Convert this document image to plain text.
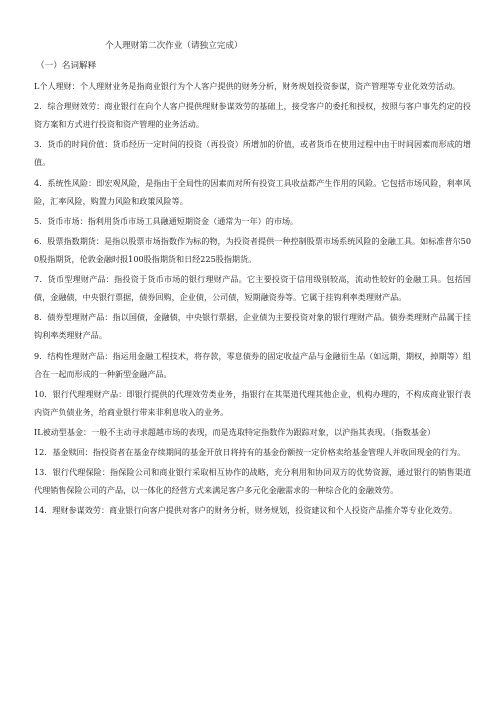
个人理财第二次作业（请独立完成）
（一）名词解释

L个人理财：个人理财业务是指商业银行为个人客户提供的财务分析，财务规划投资参谋，资产管理等专业化效劳活动。

2．综合理财效劳：商业银行在向个人客户提供理财参谋效劳的基础上，接受客户的委托和授权，按照与客户事先约定的投资方案和方式进行投资和资产管理的业务活动。

3．货币的时间价值：货币经历一定时间的投资（再投资）所增加的价值，或者货币在使用过程中由于时间因素而形成的增值。

4．系统性风险：即宏观风险，是指由于全局性的因素而对所有投资工具收益都产生作用的风险。它包括市场风险，利率风险，汇率风险，购置力风险和政策风险等。

5．货币市场：指利用货币市场工具融通短期资金（通常为一年）的市场。

6．股票指数期货：是指以股票市场指数作为标的物，为投资者提供一种控制股票市场系统风险的金融工具。如标准普尔500股指期货，伦敦金融时报100股指期货和日经225股指期货。

7．货币型理财产品：指投资于货币市场的银行理财产品。它主要投资于信用级别较高，流动性较好的金融工具。包括国债，金融债，中央银行票据，债券回购，企业债，公司债，短期融资券等。它属于挂钩利率类理财产品。

8．债券型理财产品：指以国债，金融债，中央银行票据，企业债为主要投资对象的银行理财产品。债券类理财产品属于挂钩利率类理财产品。

9．结构性理财产品：指运用金融工程技术，将存款，零息债券的固定收益产品与金融衍生品（如远期，期权，掉期等）组合在一起而形成的一种新型金融产品。

10．银行代理理财产品：即银行提供的代理效劳类业务，指银行在其渠道代理其他企业，机构办理的，不构成商业银行表内资产负债业务，给商业银行带来非利息收入的业务。

IL被动型基金：一般不主动寻求超越市场的表现，而是选取特定指数作为跟踪对象，以沪指其表现。（指数基金）

12．基金赎回：指投资者在基金存续期间的基金开放日将持有的基金份额按一定价格卖给基金管理人并收回现金的行为。

13．银行代理保险：指保险公司和商业银行采取相互协作的战略，充分利用和协同双方的优势资源，通过银行的销售渠道代理销售保险公司的产品，以一体化的经营方式来满足客户多元化金融需求的一种综合化的金融效劳。

14．理财参谋效劳：商业银行向客户提供对客户的财务分析，财务规划，投资建议和个人投资产品推介等专业化效劳。
